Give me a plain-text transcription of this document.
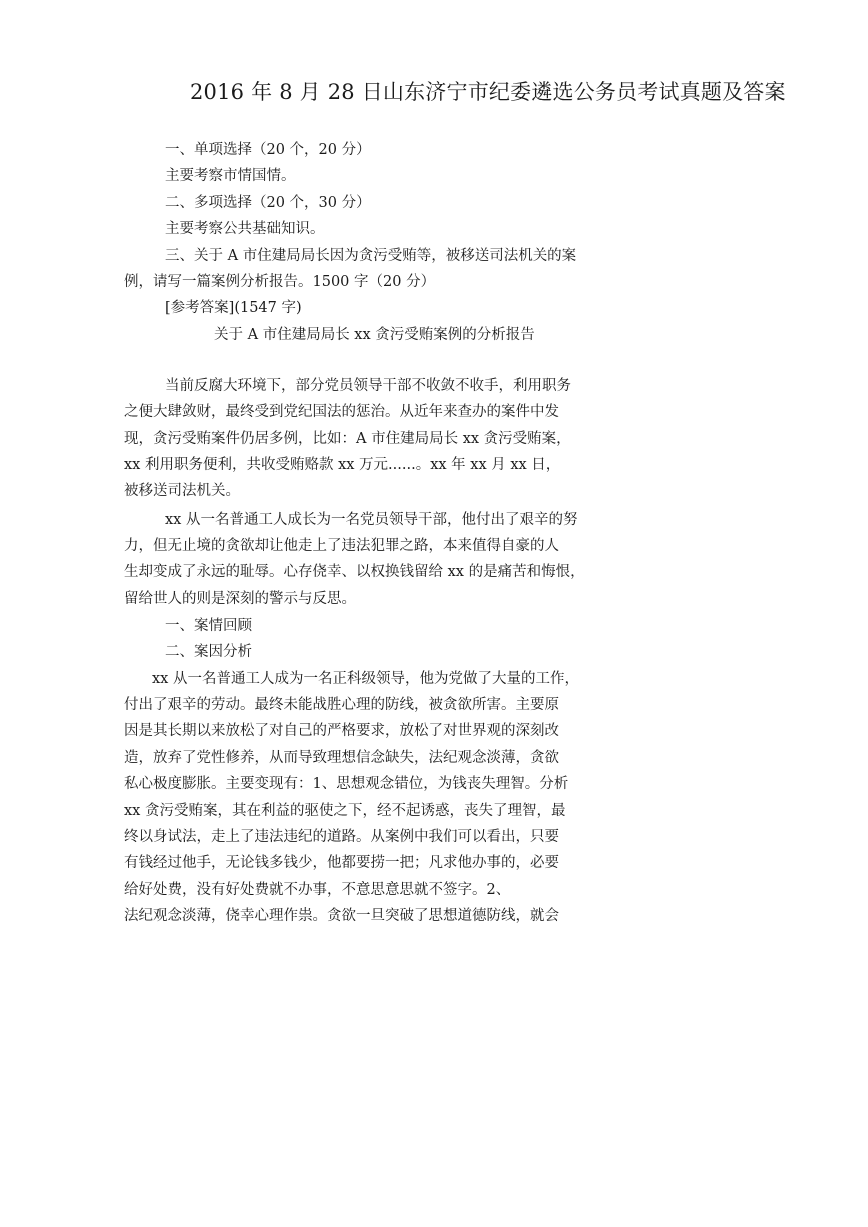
2016 年 8 月 28 日山东济宁市纪委遴选公务员考试真题及答案
一、单项选择（20 个，20 分）
主要考察市情国情。
二、多项选择（20 个，30 分）
主要考察公共基础知识。
三、关于 A 市住建局局长因为贪污受贿等，被移送司法机关的案
例，请写一篇案例分析报告。1500 字（20 分）
[参考答案](1547 字)
关于 A 市住建局局长 xx 贪污受贿案例的分析报告
当前反腐大环境下，部分党员领导干部不收敛不收手，利用职务
之便大肆敛财，最终受到党纪国法的惩治。从近年来查办的案件中发
现，贪污受贿案件仍居多例，比如：A 市住建局局长 xx 贪污受贿案，
xx 利用职务便利，共收受贿赂款 xx 万元......。xx 年 xx 月 xx 日，
被移送司法机关。
xx 从一名普通工人成长为一名党员领导干部，他付出了艰辛的努
力，但无止境的贪欲却让他走上了违法犯罪之路，本来值得自豪的人
生却变成了永远的耻辱。心存侥幸、以权换钱留给 xx 的是痛苦和悔恨，
留给世人的则是深刻的警示与反思。
一、案情回顾
二、案因分析
xx 从一名普通工人成为一名正科级领导，他为党做了大量的工作，
付出了艰辛的劳动。最终未能战胜心理的防线，被贪欲所害。主要原
因是其长期以来放松了对自己的严格要求，放松了对世界观的深刻改
造，放弃了党性修养，从而导致理想信念缺失，法纪观念淡薄，贪欲
私心极度膨胀。主要变现有：1、思想观念错位，为钱丧失理智。分析
xx 贪污受贿案，其在利益的驱使之下，经不起诱惑，丧失了理智，最
终以身试法，走上了违法违纪的道路。从案例中我们可以看出，只要
有钱经过他手，无论钱多钱少，他都要捞一把；凡求他办事的，必要
给好处费，没有好处费就不办事，不意思意思就不签字。2、
法纪观念淡薄，侥幸心理作祟。贪欲一旦突破了思想道德防线，就会
